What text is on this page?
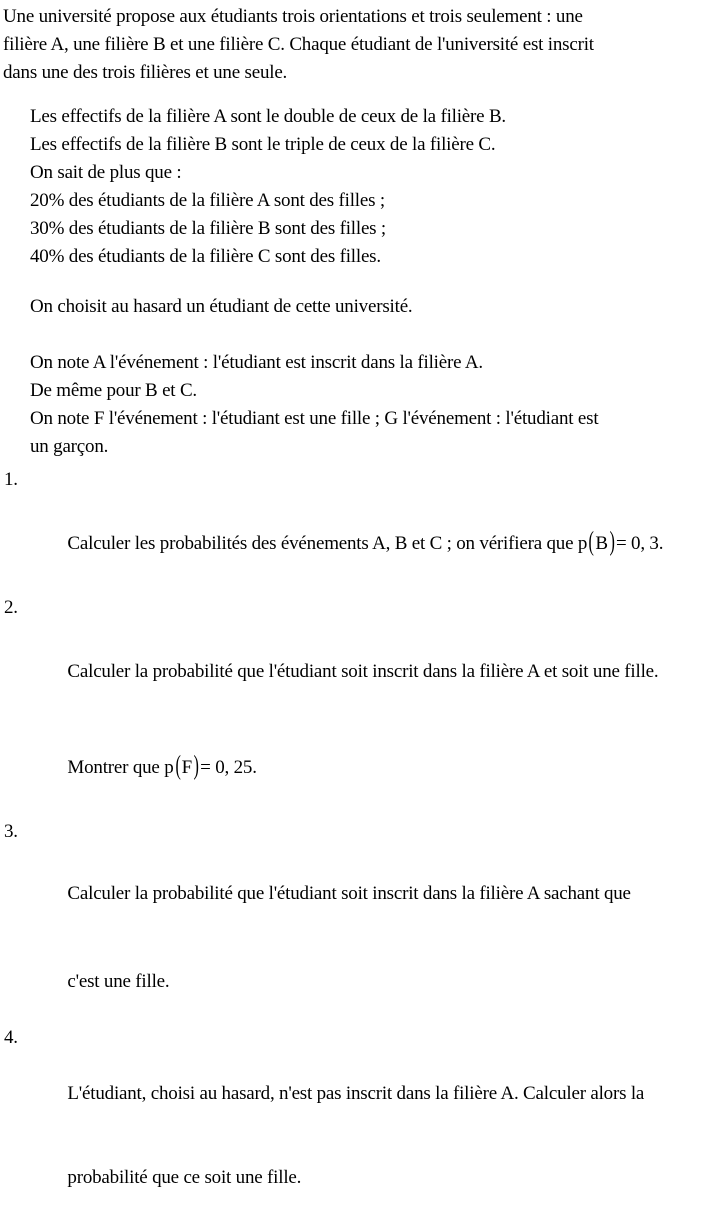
Une université propose aux étudiants trois orientations et trois seulement : une
filière A, une filière B et une filière C. Chaque étudiant de l'université est inscrit
dans une des trois filières et une seule.
Les effectifs de la filière A sont le double de ceux de la filière B.
Les effectifs de la filière B sont le triple de ceux de la filière C.
On sait de plus que :
20% des étudiants de la filière A sont des filles ;
30% des étudiants de la filière B sont des filles ;
40% des étudiants de la filière C sont des filles.
On choisit au hasard un étudiant de cette université.
On note A l'événement : l'étudiant est inscrit dans la filière A.
De même pour B et C.
On note F l'événement : l'étudiant est une fille ; G l'événement : l'étudiant est
un garçon.

1.

Calculer les probabilités des événements A, B et C ; on vérifiera que p(B)= 0, 3.

2.

Calculer la probabilité que l'étudiant soit inscrit dans la filière A et soit une fille.

Montrer que p(F)= 0, 25.

3.

Calculer la probabilité que l'étudiant soit inscrit dans la filière A sachant que

c'est une fille.

4.

L'étudiant, choisi au hasard, n'est pas inscrit dans la filière A. Calculer alors la

probabilité que ce soit une fille.
